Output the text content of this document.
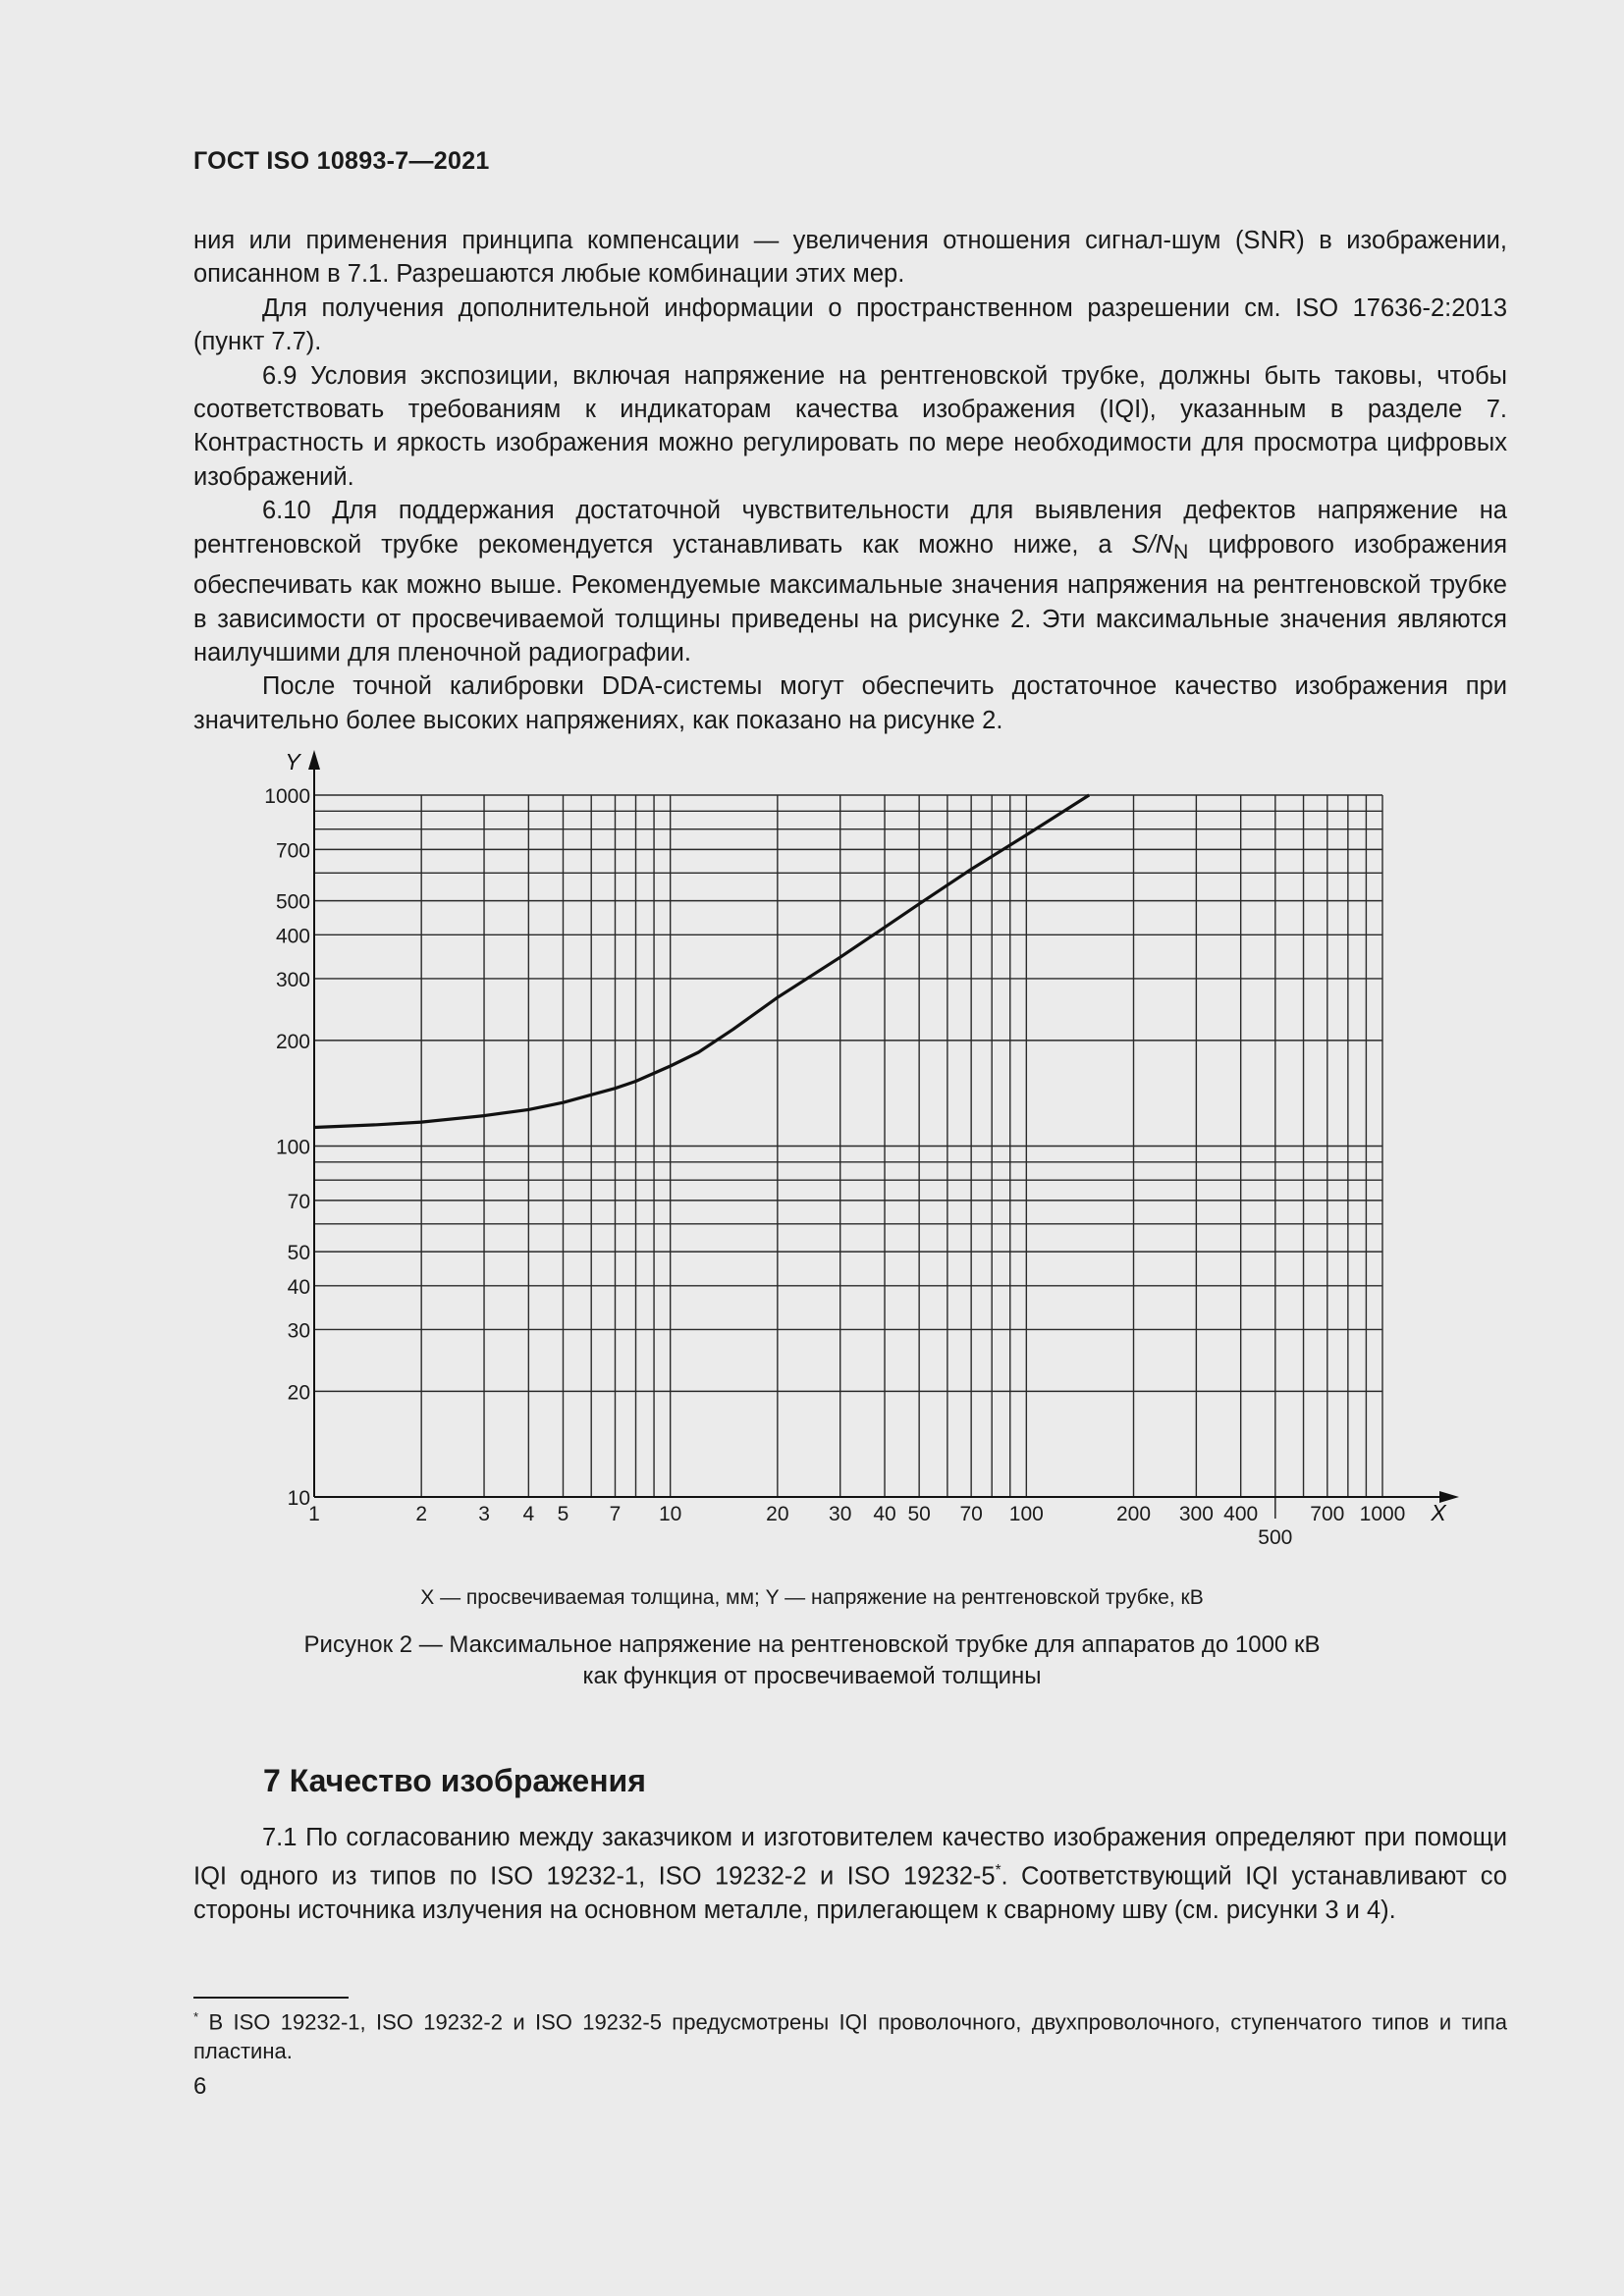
ГОСТ ISO 10893-7—2021

ния или применения принципа компенсации — увеличения отношения сигнал-шум (SNR) в изображении, описанном в 7.1. Разрешаются любые комбинации этих мер.

Для получения дополнительной информации о пространственном разрешении см. ISO 17636-2:2013 (пункт 7.7).

6.9 Условия экспозиции, включая напряжение на рентгеновской трубке, должны быть таковы, чтобы соответствовать требованиям к индикаторам качества изображения (IQI), указанным в разделе 7. Контрастность и яркость изображения можно регулировать по мере необходимости для просмотра цифровых изображений.

6.10 Для поддержания достаточной чувствительности для выявления дефектов напряжение на рентгеновской трубке рекомендуется устанавливать как можно ниже, а $S/N_N$ цифрового изображения обеспечивать как можно выше. Рекомендуемые максимальные значения напряжения на рентгеновской трубке в зависимости от просвечиваемой толщины приведены на рисунке 2. Эти максимальные значения являются наилучшими для пленочной радиографии.

После точной калибровки DDA-системы могут обеспечить достаточное качество изображения при значительно более высоких напряжениях, как показано на рисунке 2.

1	2 3 4 5 7 10	20 30 40 50 70 100	200 300 400
500
700 1000
10
20
30
40
50
70
100
200
300
400
500
700
1000
Y
X
X — просвечиваемая толщина, мм; Y — напряжение на рентгеновской трубке, кВ
Рисунок 2 — Максимальное напряжение на рентгеновской трубке для аппаратов до 1000 кВ
как функция от просвечиваемой толщины
7 Качество изображения

7.1 По согласованию между заказчиком и изготовителем качество изображения определяют при помощи IQI одного из типов по ISO 19232-1, ISO 19232-2 и ISO 19232-5*. Соответствующий IQI устанавливают со стороны источника излучения на основном металле, прилегающем к сварному шву (см. рисунки 3 и 4).

* В ISO 19232-1, ISO 19232-2 и ISO 19232-5 предусмотрены IQI проволочного, двухпроволочного, ступенчатого типов и типа пластина.
6
